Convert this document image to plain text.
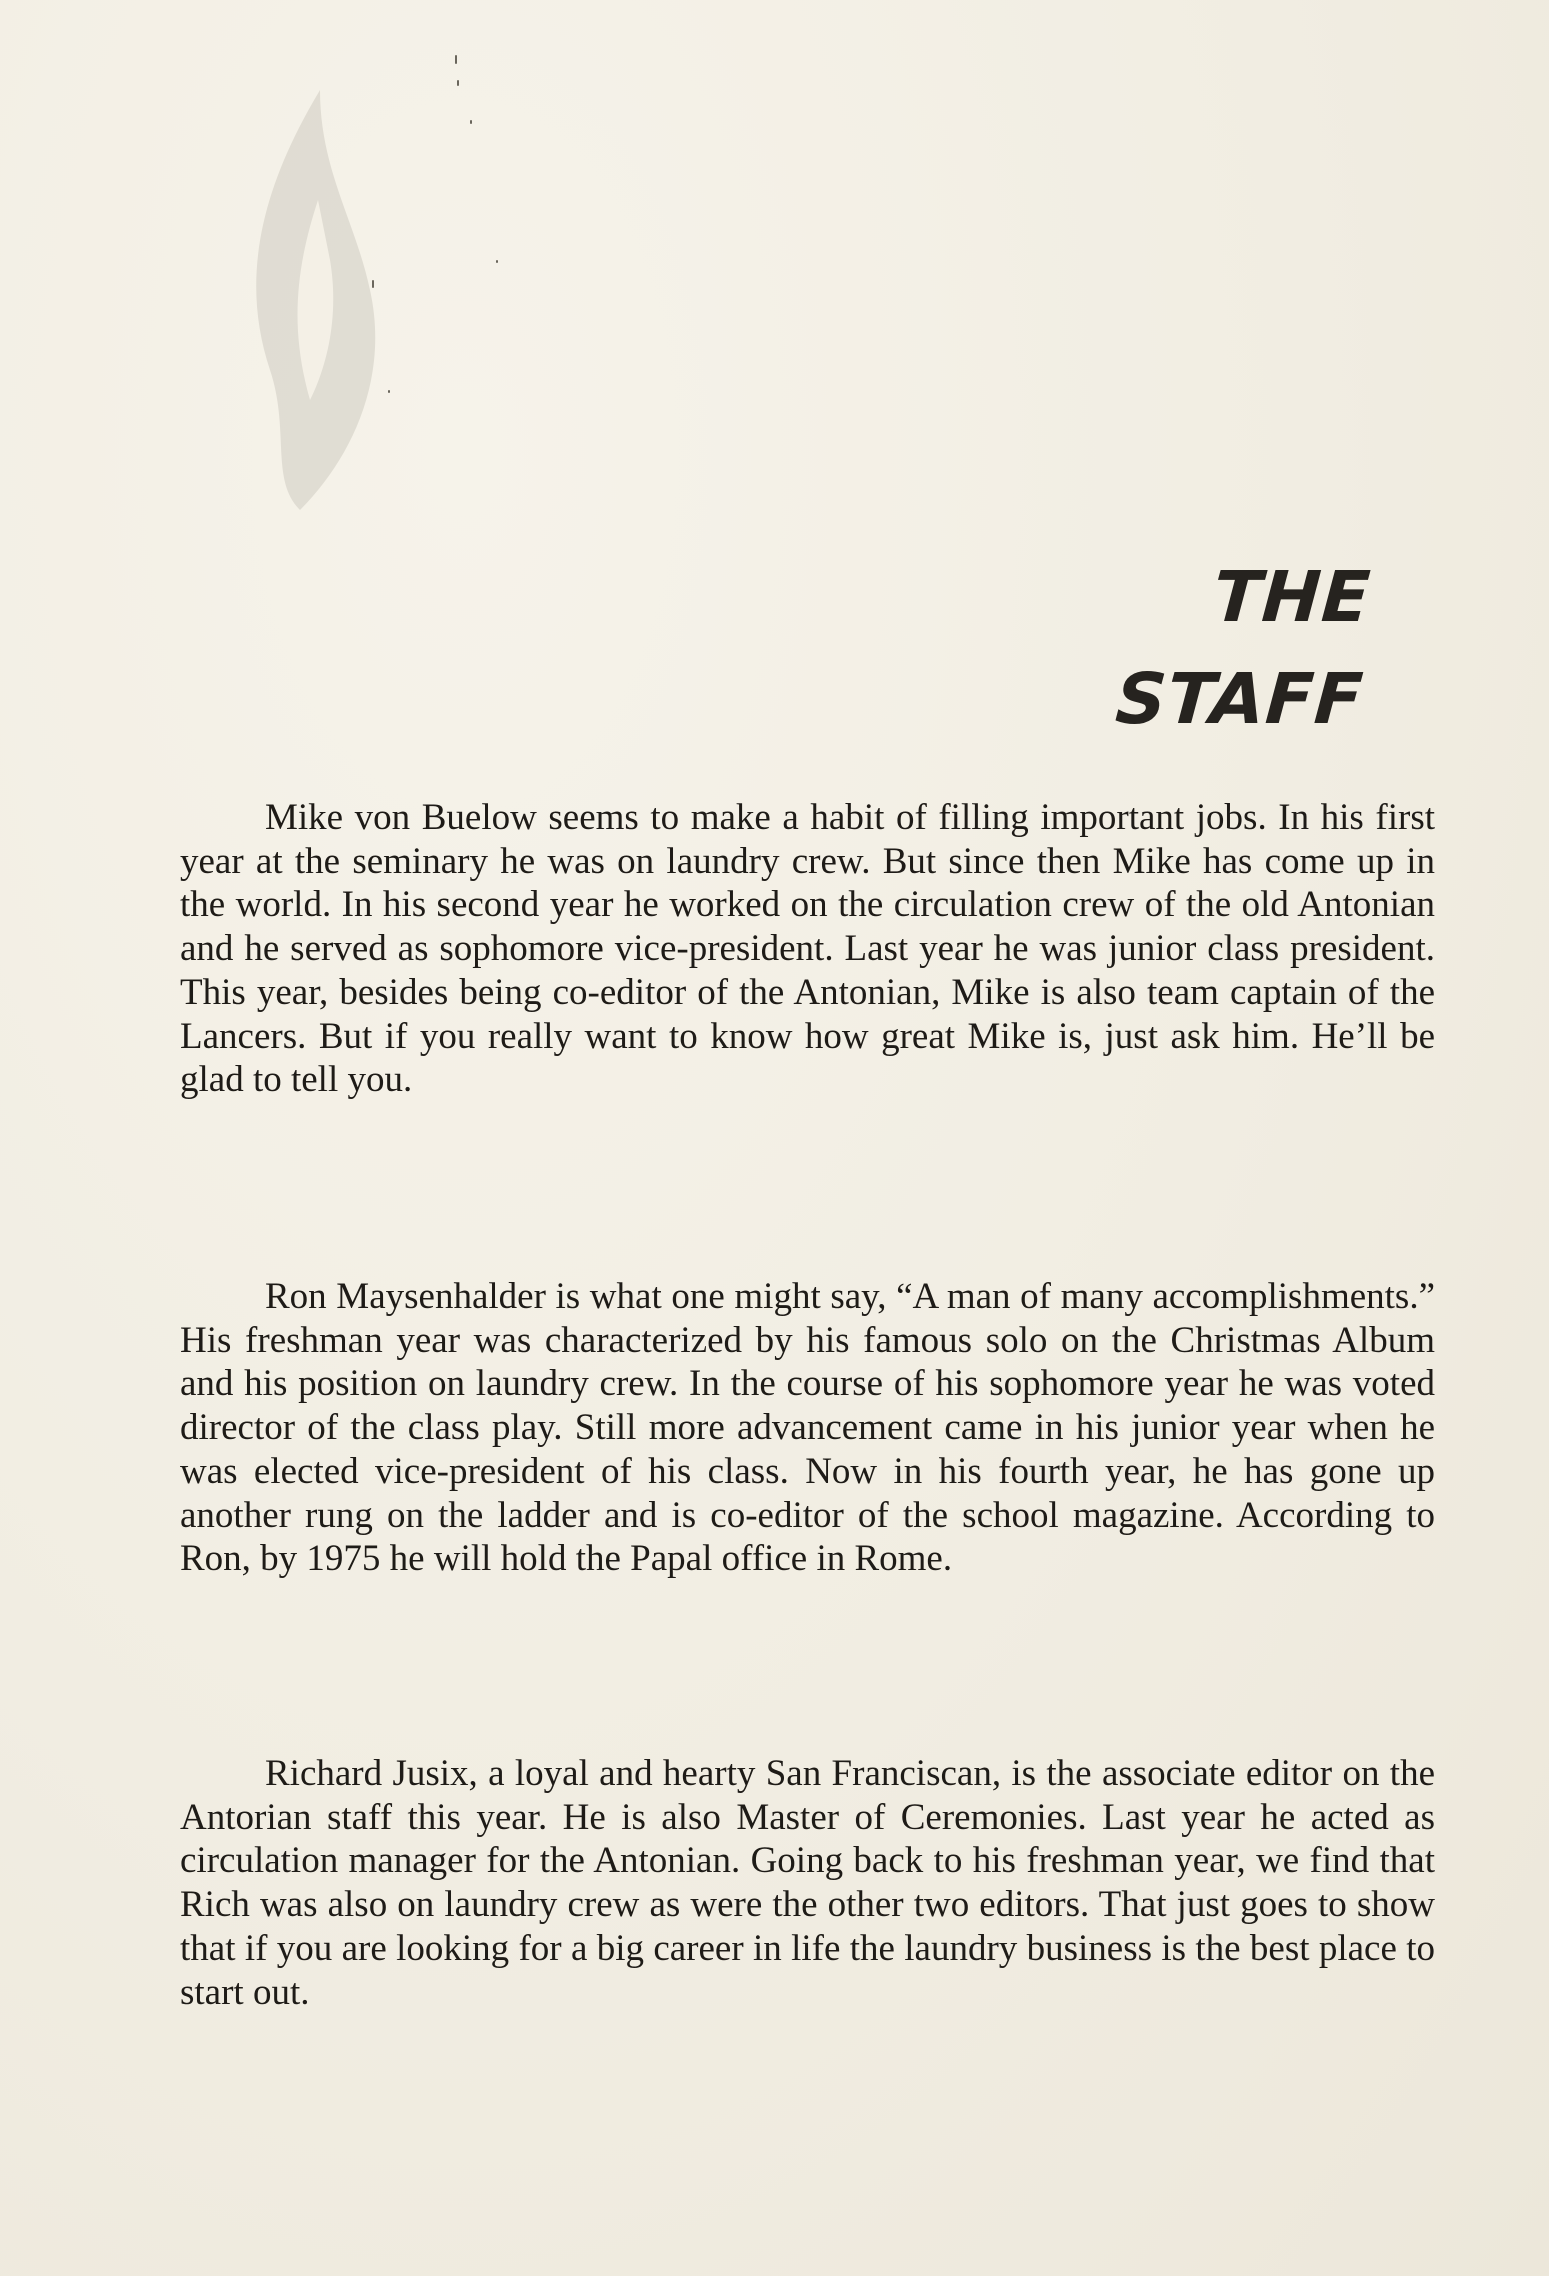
THE
STAFF

Mike von Buelow seems to make a habit of filling important jobs. In his first year at the seminary he was on laundry crew. But since then Mike has come up in the world. In his second year he worked on the circulation crew of the old Antonian and he served as sophomore vice-president. Last year he was junior class president. This year, besides being co-editor of the Antonian, Mike is also team captain of the Lancers. But if you really want to know how great Mike is, just ask him. He’ll be glad to tell you.

Ron Maysenhalder is what one might say, “A man of many accomplishments.” His freshman year was characterized by his famous solo on the Christmas Album and his position on laundry crew. In the course of his sophomore year he was voted director of the class play. Still more advancement came in his junior year when he was elected vice-president of his class. Now in his fourth year, he has gone up another rung on the ladder and is co-editor of the school magazine. According to Ron, by 1975 he will hold the Papal office in Rome.

Richard Jusix, a loyal and hearty San Franciscan, is the associate editor on the Antorian staff this year. He is also Master of Ceremonies. Last year he acted as circulation manager for the Antonian. Going back to his freshman year, we find that Rich was also on laundry crew as were the other two editors. That just goes to show that if you are looking for a big career in life the laundry business is the best place to start out.
